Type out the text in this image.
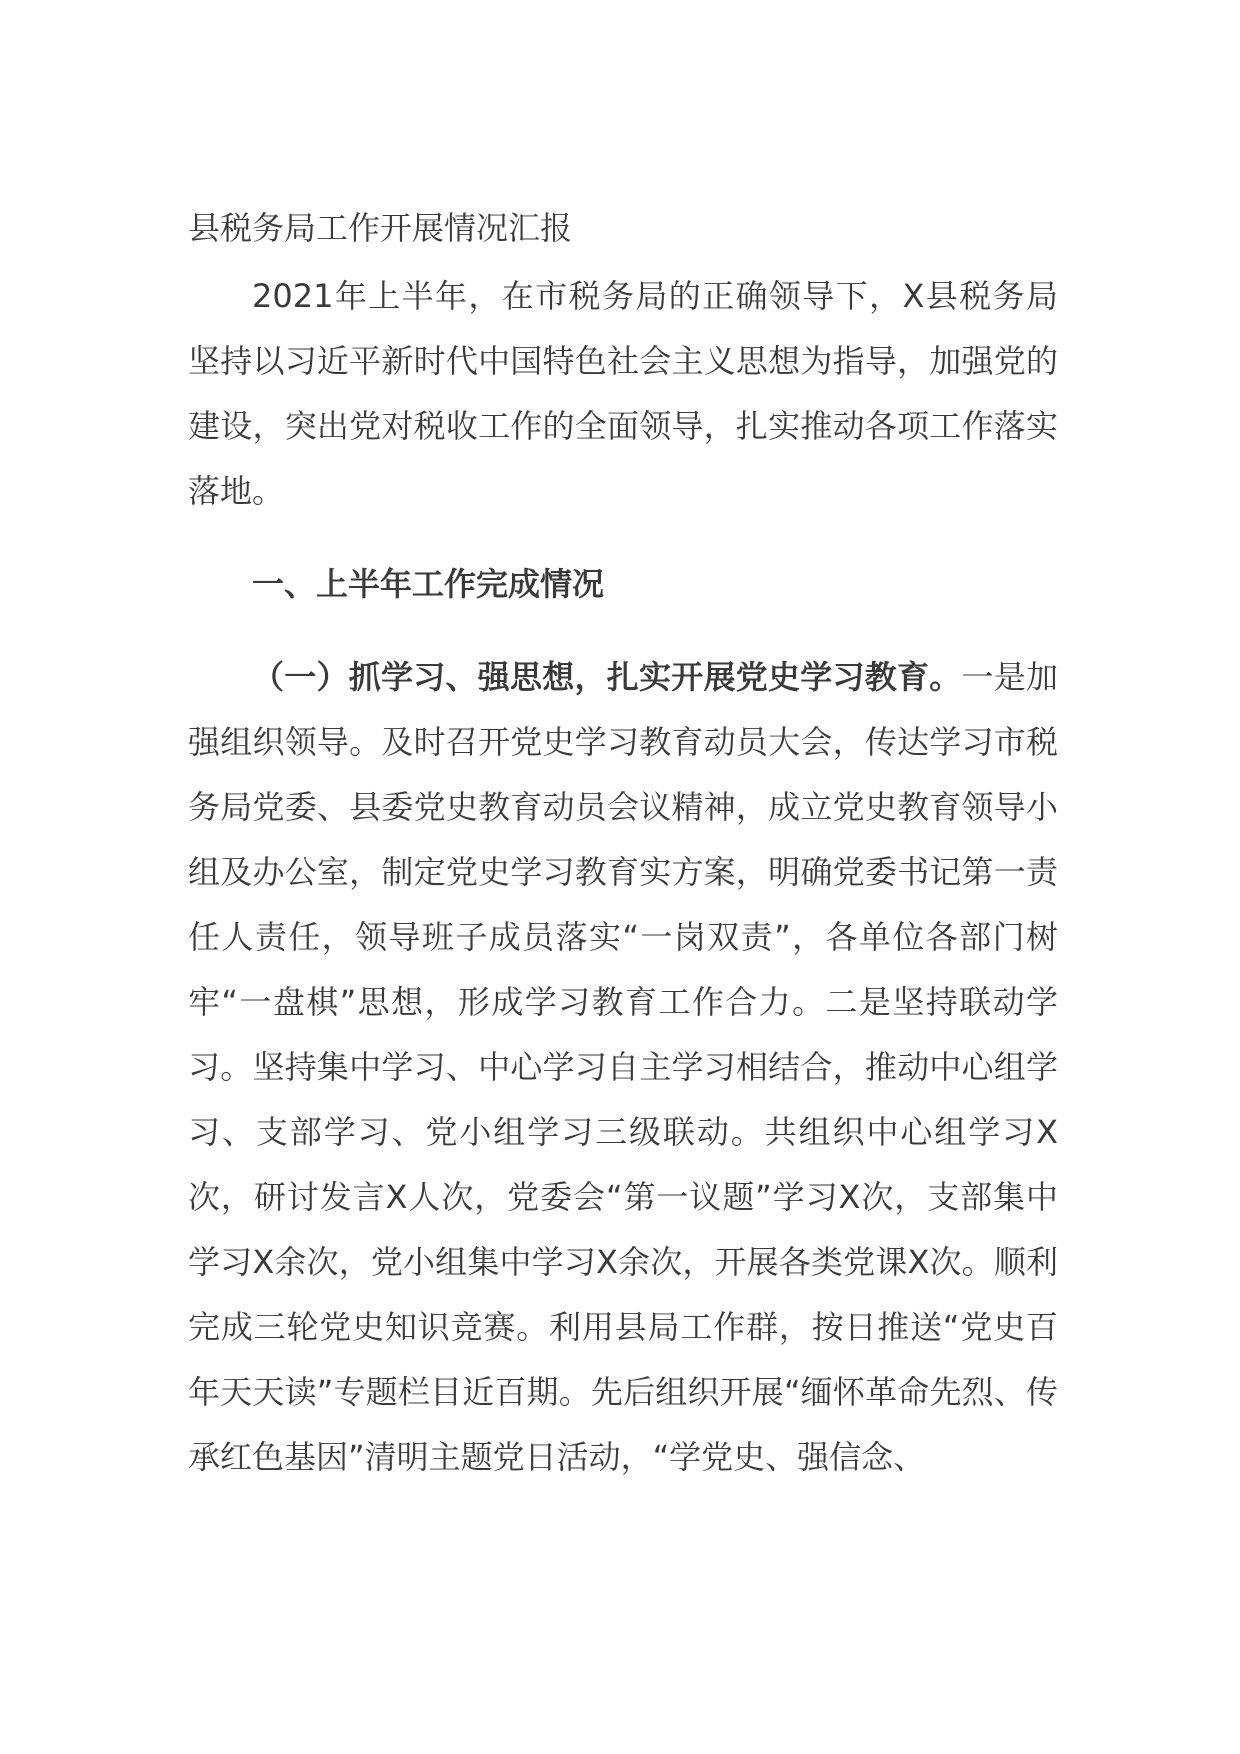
县税务局工作开展情况汇报

2021年上半年，在市税务局的正确领导下，X县税务局坚持以习近平新时代中国特色社会主义思想为指导，加强党的建设，突出党对税收工作的全面领导，扎实推动各项工作落实落地。

一、上半年工作完成情况

（一）抓学习、强思想，扎实开展党史学习教育。一是加强组织领导。及时召开党史学习教育动员大会，传达学习市税务局党委、县委党史教育动员会议精神，成立党史教育领导小组及办公室，制定党史学习教育实方案，明确党委书记第一责任人责任，领导班子成员落实“一岗双责”，各单位各部门树牢“一盘棋”思想，形成学习教育工作合力。二是坚持联动学习。坚持集中学习、中心学习自主学习相结合，推动中心组学习、支部学习、党小组学习三级联动。共组织中心组学习X次，研讨发言X人次，党委会“第一议题”学习X次，支部集中学习X余次，党小组集中学习X余次，开展各类党课X次。顺利完成三轮党史知识竞赛。利用县局工作群，按日推送“党史百年天天读”专题栏目近百期。先后组织开展“缅怀革命先烈、传承红色基因”清明主题党日活动，“学党史、强信念、
